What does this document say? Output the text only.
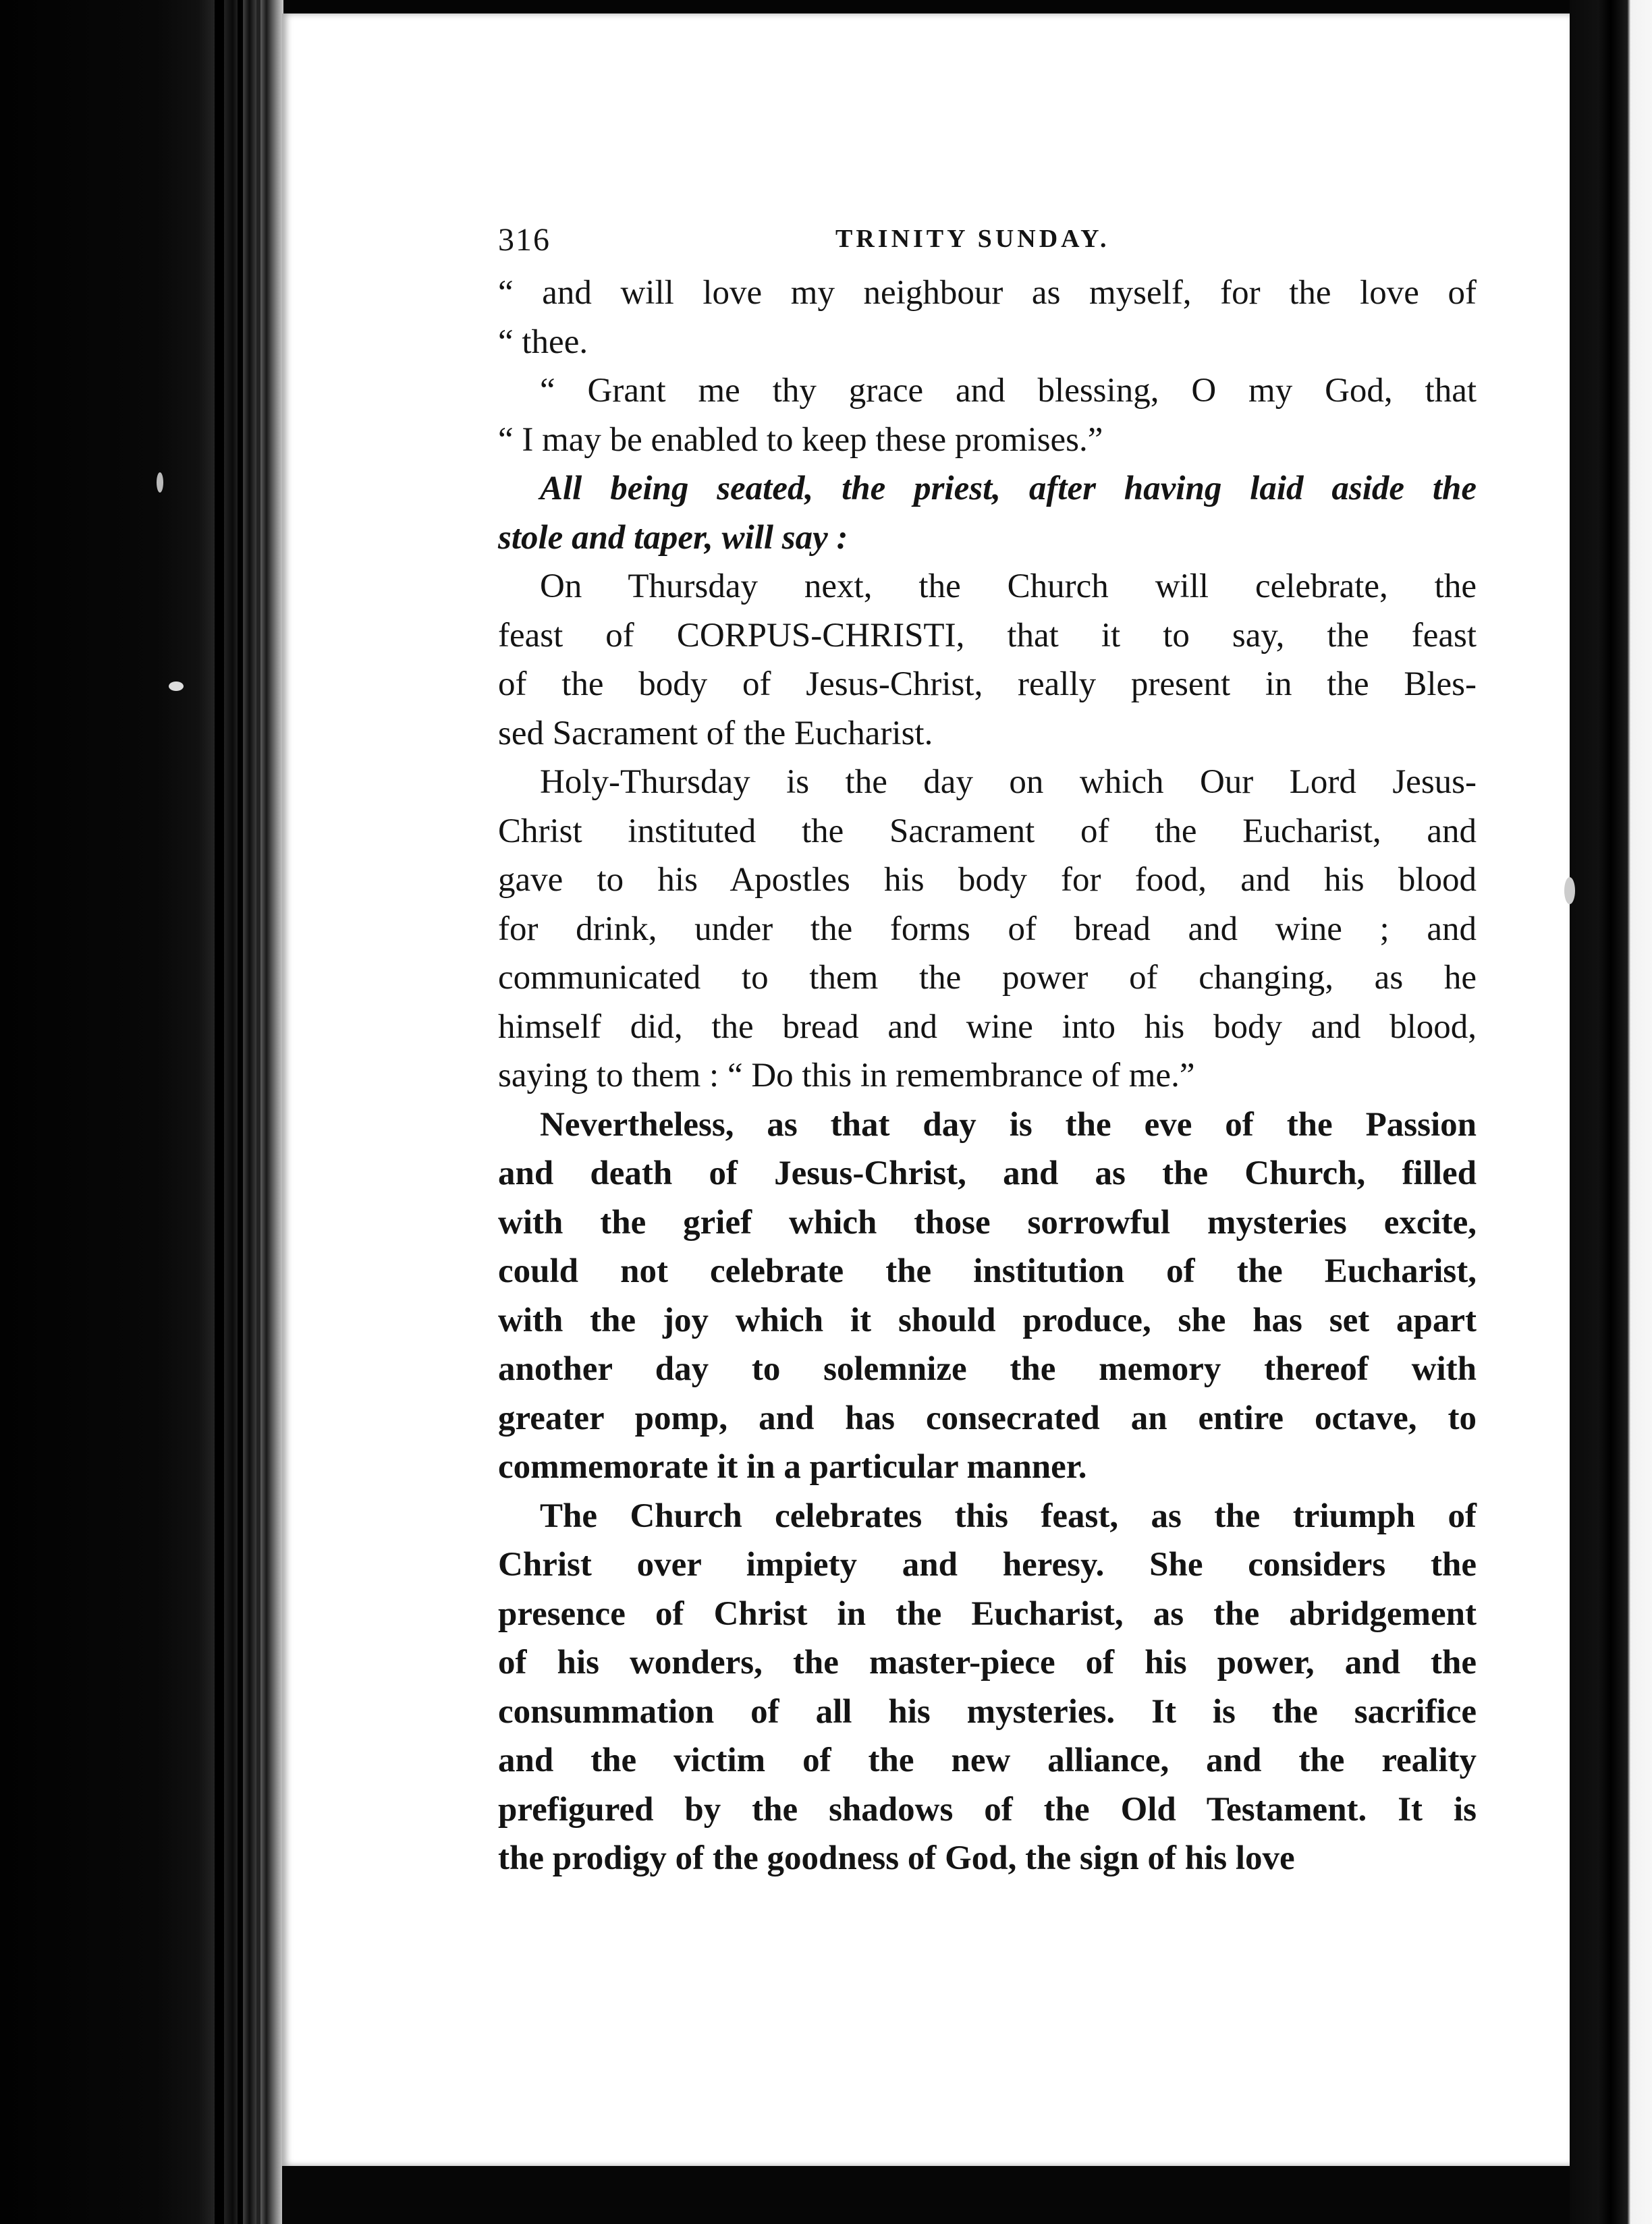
316	TRINITY SUNDAY.

“ and will love my neighbour as myself, for the love of
“ thee.

“ Grant me thy grace and blessing, O my God, that
“ I may be enabled to keep these promises.”

All being seated, the priest, after having laid aside the
stole and taper, will say :

On Thursday next, the Church will celebrate, the
feast of CORPUS-CHRISTI, that it to say, the feast
of the body of Jesus-Christ, really present in the Bles-
sed Sacrament of the Eucharist.

Holy-Thursday is the day on which Our Lord Jesus-
Christ instituted the Sacrament of the Eucharist, and
gave to his Apostles his body for food, and his blood
for drink, under the forms of bread and wine ; and
communicated to them the power of changing, as he
himself did, the bread and wine into his body and blood,
saying to them : “ Do this in remembrance of me.”

Nevertheless, as that day is the eve of the Passion
and death of Jesus-Christ, and as the Church, filled
with the grief which those sorrowful mysteries excite,
could not celebrate the institution of the Eucharist,
with the joy which it should produce, she has set apart
another day to solemnize the memory thereof with
greater pomp, and has consecrated an entire octave, to
commemorate it in a particular manner.

The Church celebrates this feast, as the triumph of
Christ over impiety and heresy. She considers the
presence of Christ in the Eucharist, as the abridgement
of his wonders, the master-piece of his power, and the
consummation of all his mysteries. It is the sacrifice
and the victim of the new alliance, and the reality
prefigured by the shadows of the Old Testament. It is
the prodigy of the goodness of God, the sign of his love
